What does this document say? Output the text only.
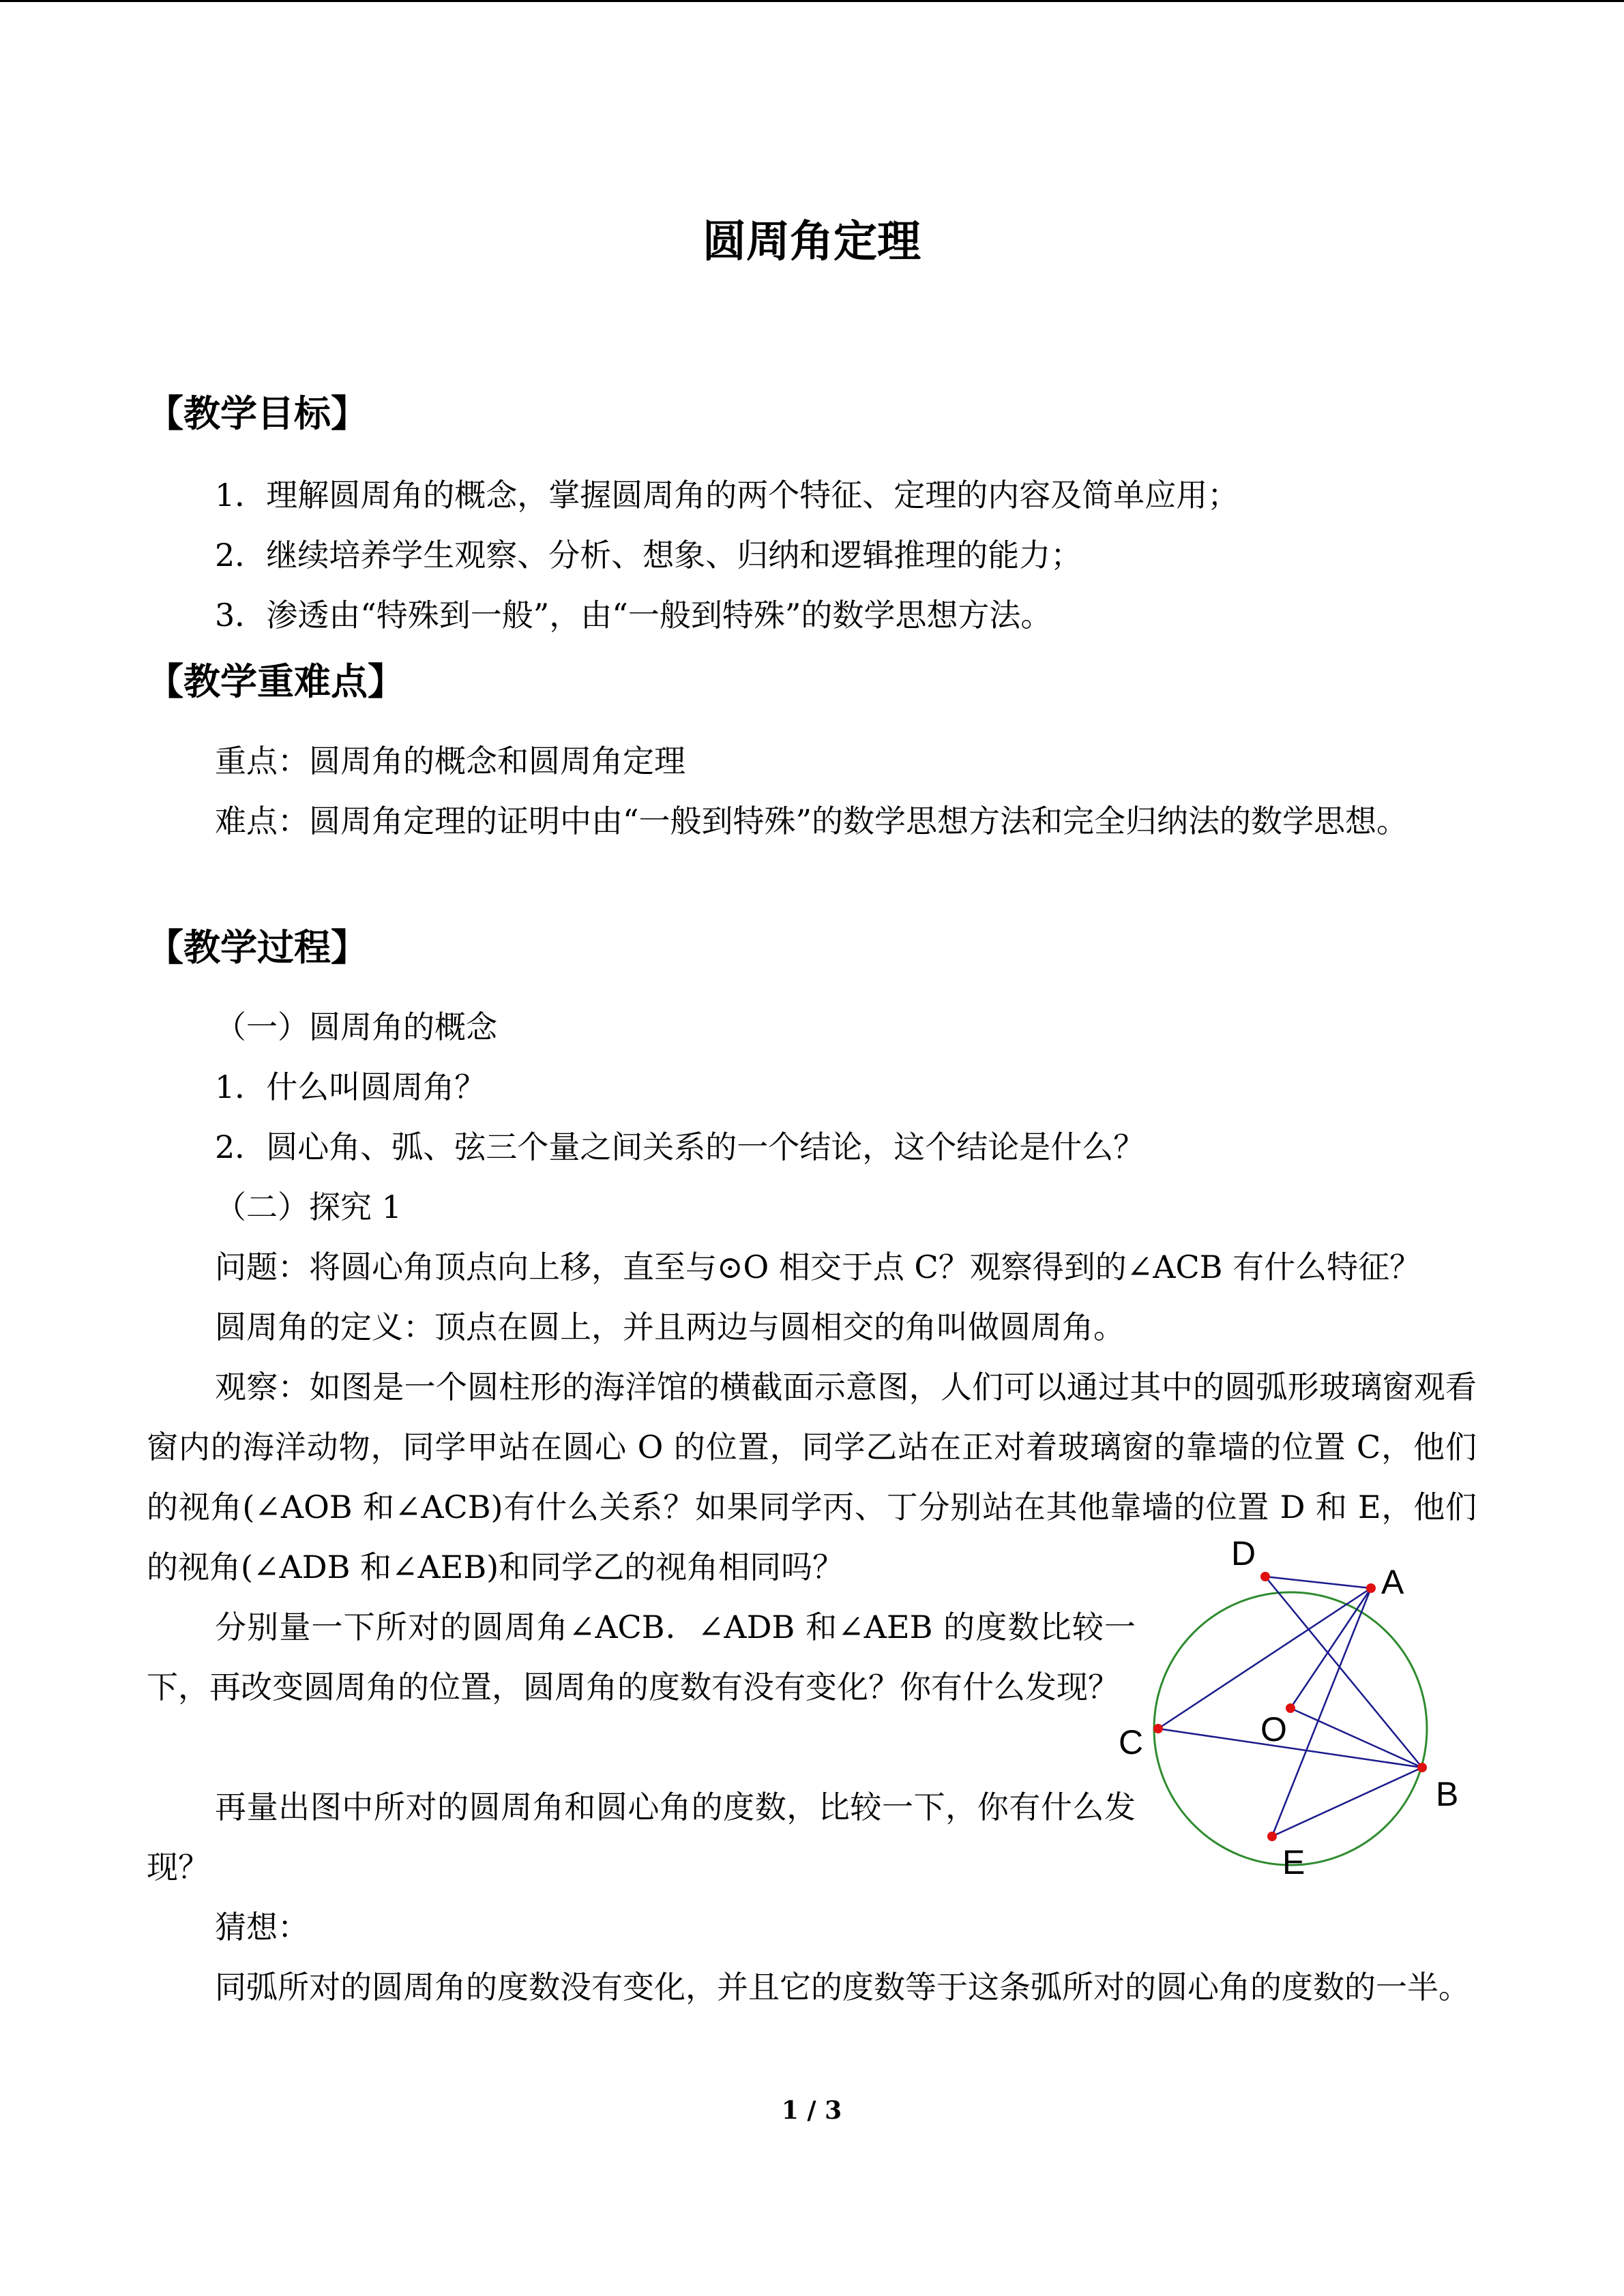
圆周角定理
【教学目标】
1．理解圆周角的概念，掌握圆周角的两个特征、定理的内容及简单应用；
2．继续培养学生观察、分析、想象、归纳和逻辑推理的能力；
3．渗透由“特殊到一般”，由“一般到特殊”的数学思想方法。
【教学重难点】
重点：圆周角的概念和圆周角定理
难点：圆周角定理的证明中由“一般到特殊”的数学思想方法和完全归纳法的数学思想。
【教学过程】
（一）圆周角的概念
1．什么叫圆周角？
2．圆心角、弧、弦三个量之间关系的一个结论，这个结论是什么？
（二）探究 1
问题：将圆心角顶点向上移，直至与⊙O 相交于点 C？观察得到的∠ACB 有什么特征？
圆周角的定义：顶点在圆上，并且两边与圆相交的角叫做圆周角。
观察：如图是一个圆柱形的海洋馆的横截面示意图，人们可以通过其中的圆弧形玻璃窗观看窗内的海洋动物，同学甲站在圆心 O 的位置，同学乙站在正对着玻璃窗的靠墙的位置 C，他们的视角(∠AOB 和∠ACB)有什么关系？如果同学丙、丁分别站在其他靠墙的位置 D 和 E，他们的视角(∠ADB 和∠AEB)和同学乙的视角相同吗？
分别量一下所对的圆周角∠ACB．∠ADB 和∠AEB 的度数比较一下，再改变圆周角的位置，圆周角的度数有没有变化？你有什么发现？
再量出图中所对的圆周角和圆心角的度数，比较一下，你有什么发现？
猜想：
同弧所对的圆周角的度数没有变化，并且它的度数等于这条弧所对的圆心角的度数的一半。
1 / 3
D
A
C
B
E
O
